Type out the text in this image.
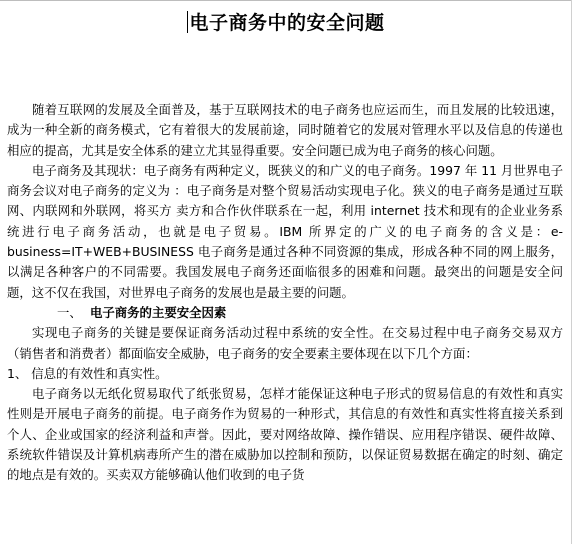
电子商务中的安全问题

随着互联网的发展及全面普及，基于互联网技术的电子商务也应运而生，而且发展的比较迅速，成为一种全新的商务模式，它有着很大的发展前途，同时随着它的发展对管理水平以及信息的传递也相应的提高，尤其是安全体系的建立尤其显得重要。安全问题已成为电子商务的核心问题。

电子商务及其现状：电子商务有两种定义，既狭义的和广义的电子商务。1997 年 11 月世界电子商务会议对电子商务的定义为 ：电子商务是对整个贸易活动实现电子化。狭义的电子商务是通过互联网、内联网和外联网，将买方 卖方和合作伙伴联系在一起，利用 internet 技术和现有的企业业务系统进行电子商务活动，也就是电子贸易。IBM 所界定的广义的电子商务的含义是：e-business=IT+WEB+BUSINESS 电子商务是通过各种不同资源的集成，形成各种不同的网上服务，以满足各种客户的不同需要。我国发展电子商务还面临很多的困难和问题。最突出的问题是安全问题，这不仅在我国，对世界电子商务的发展也是最主要的问题。

一、 电子商务的主要安全因素

实现电子商务的关键是要保证商务活动过程中系统的安全性。在交易过程中电子商务交易双方（销售者和消费者）都面临安全威胁，电子商务的安全要素主要体现在以下几个方面：

1、 信息的有效性和真实性。

电子商务以无纸化贸易取代了纸张贸易，怎样才能保证这种电子形式的贸易信息的有效性和真实性则是开展电子商务的前提。电子商务作为贸易的一种形式，其信息的有效性和真实性将直接关系到个人、企业或国家的经济利益和声誉。因此，要对网络故障、操作错误、应用程序错误、硬件故障、系统软件错误及计算机病毒所产生的潜在威胁加以控制和预防，以保证贸易数据在确定的时刻、确定的地点是有效的。买卖双方能够确认他们收到的电子货
